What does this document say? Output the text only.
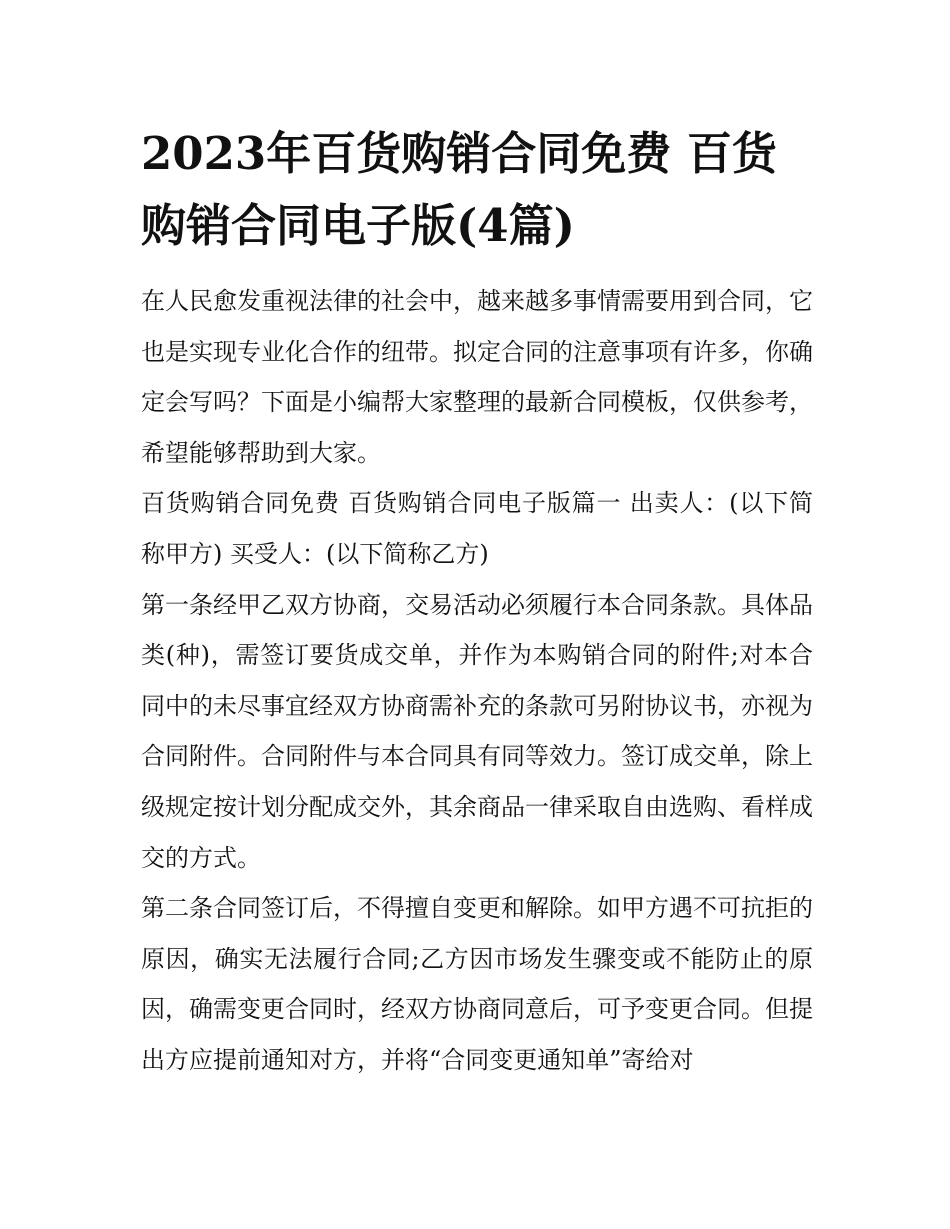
2023年百货购销合同免费 百货购销合同电子版(4篇)

在人民愈发重视法律的社会中，越来越多事情需要用到合同，它也是实现专业化合作的纽带。拟定合同的注意事项有许多，你确定会写吗？下面是小编帮大家整理的最新合同模板，仅供参考，希望能够帮助到大家。

百货购销合同免费 百货购销合同电子版篇一 出卖人：(以下简称甲方) 买受人：(以下简称乙方)

第一条经甲乙双方协商，交易活动必须履行本合同条款。具体品类(种)，需签订要货成交单，并作为本购销合同的附件;对本合同中的未尽事宜经双方协商需补充的条款可另附协议书，亦视为合同附件。合同附件与本合同具有同等效力。签订成交单，除上级规定按计划分配成交外，其余商品一律采取自由选购、看样成交的方式。

第二条合同签订后，不得擅自变更和解除。如甲方遇不可抗拒的原因，确实无法履行合同;乙方因市场发生骤变或不能防止的原因，确需变更合同时，经双方协商同意后，可予变更合同。但提出方应提前通知对方，并将“合同变更通知单”寄给对
